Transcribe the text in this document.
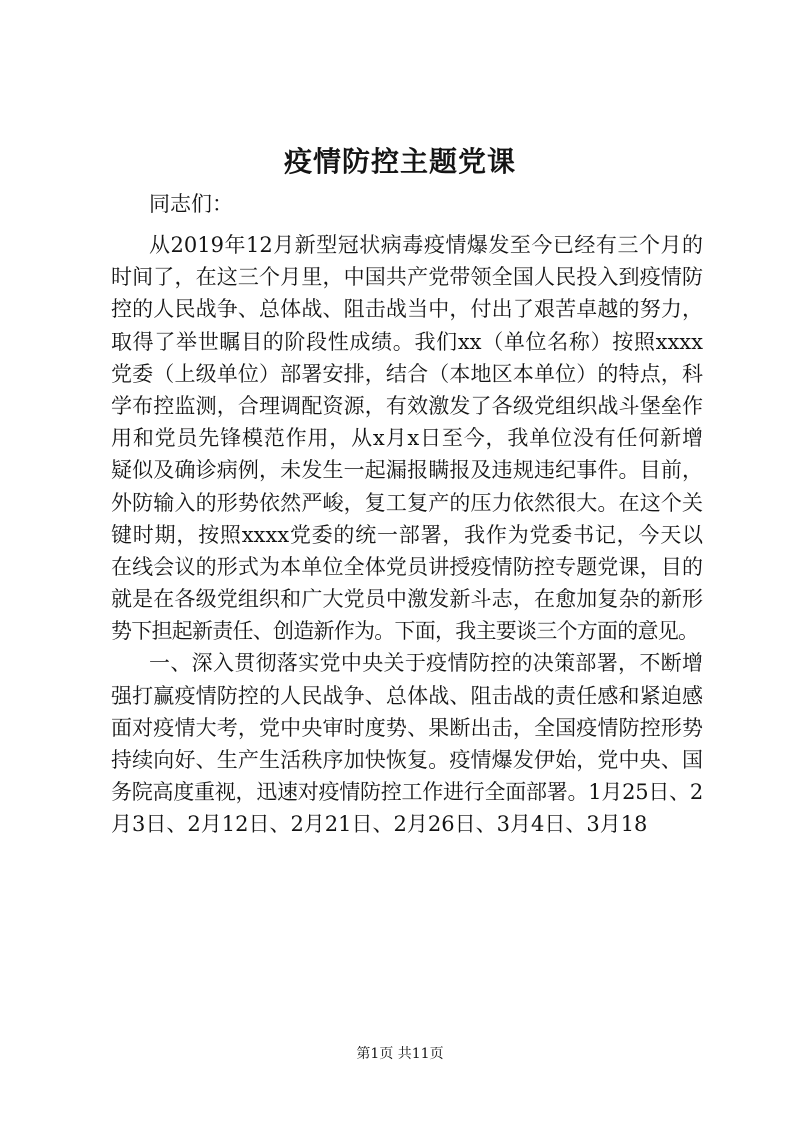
疫情防控主题党课

同志们：

从2019年12月新型冠状病毒疫情爆发至今已经有三个月的
时间了，在这三个月里，中国共产党带领全国人民投入到疫情防
控的人民战争、总体战、阻击战当中，付出了艰苦卓越的努力，
取得了举世瞩目的阶段性成绩。我们xx（单位名称）按照xxxx
党委（上级单位）部署安排，结合（本地区本单位）的特点，科
学布控监测，合理调配资源，有效激发了各级党组织战斗堡垒作
用和党员先锋模范作用，从x月x日至今，我单位没有任何新增
疑似及确诊病例，未发生一起漏报瞒报及违规违纪事件。目前，
外防输入的形势依然严峻，复工复产的压力依然很大。在这个关
键时期，按照xxxx党委的统一部署，我作为党委书记，今天以
在线会议的形式为本单位全体党员讲授疫情防控专题党课，目的
就是在各级党组织和广大党员中激发新斗志，在愈加复杂的新形
势下担起新责任、创造新作为。下面，我主要谈三个方面的意见。
一、深入贯彻落实党中央关于疫情防控的决策部署，不断增
强打赢疫情防控的人民战争、总体战、阻击战的责任感和紧迫感
面对疫情大考，党中央审时度势、果断出击，全国疫情防控形势
持续向好、生产生活秩序加快恢复。疫情爆发伊始，党中央、国
务院高度重视，迅速对疫情防控工作进行全面部署。1月25日、2
月3日、2月12日、2月21日、2月26日、3月4日、3月18
第1页 共11页
